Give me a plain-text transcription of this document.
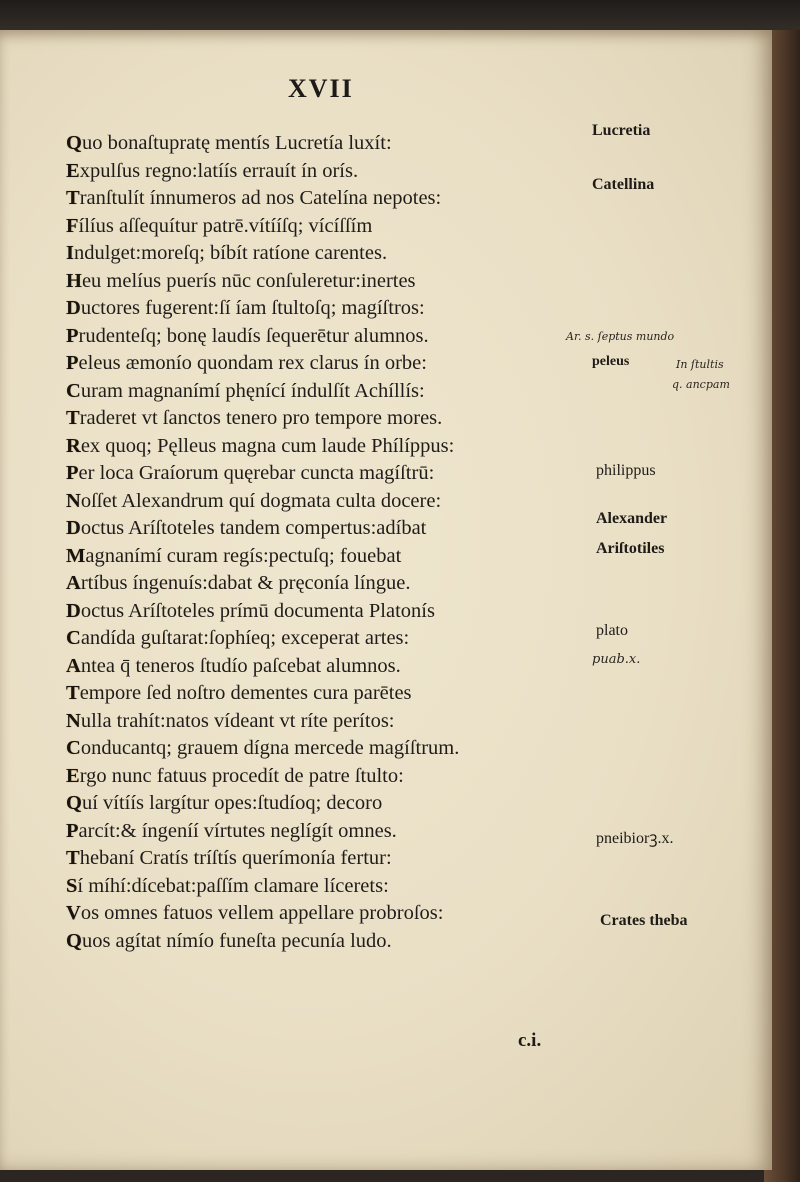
XVII
Quo bonaſtupratę mentís Lucretía luxít:
Expulſus regno:latíís errauít ín orís.
Tranſtulít ínnumeros ad nos Catelína nepotes:
Fílíus aſſequítur patrē.vítííſq; vícíſſím
Indulget:moreſq; bíbít ratíone carentes.
Heu melíus puerís nūc conſuleretur:inertes
Ductores fugerent:ſí íam ſtultoſq; magíſtros:
Prudenteſq; bonę laudís ſequerētur alumnos.
Peleus æmonío quondam rex clarus ín orbe:
Curam magnanímí phęnící índulſít Achíllís:
Traderet vt ſanctos tenero pro tempore mores.
Rex quoq; Pęlleus magna cum laude Phílíppus:
Per loca Graíorum quęrebar cuncta magíſtrū:
Noſſet Alexandrum quí dogmata culta docere:
Doctus Aríſtoteles tandem compertus:adíbat
Magnanímí curam regís:pectuſq; fouebat
Artíbus íngenuís:dabat & pręconía língue.
Doctus Aríſtoteles prímū documenta Platonís
Candída guſtarat:ſophíeq; exceperat artes:
Antea q̄ teneros ſtudío paſcebat alumnos.
Tempore ſed noſtro dementes cura parētes
Nulla trahít:natos vídeant vt ríte perítos:
Conducantq; grauem dígna mercede magíſtrum.
Ergo nunc fatuus procedít de patre ſtulto:
Quí vítíís largítur opes:ſtudíoq; decoro
Parcít:& íngeníí vírtutes neglígít omnes.
Thebaní Cratís tríſtís querímonía fertur:
Sí míhí:dícebat:paſſím clamare lícerets:
Vos omnes fatuos vellem appellare probroſos:
Quos agítat nímío funeſta pecunía ludo.
Lucretia
Catellina
Ar. s. ſeptus mundo
peleus	In ſtultis
q. ancpam
philippus
Alexander
Ariſtotiles
plato
puab.x.
pneibiorꝫ.x.
Crates theba
c.i.
